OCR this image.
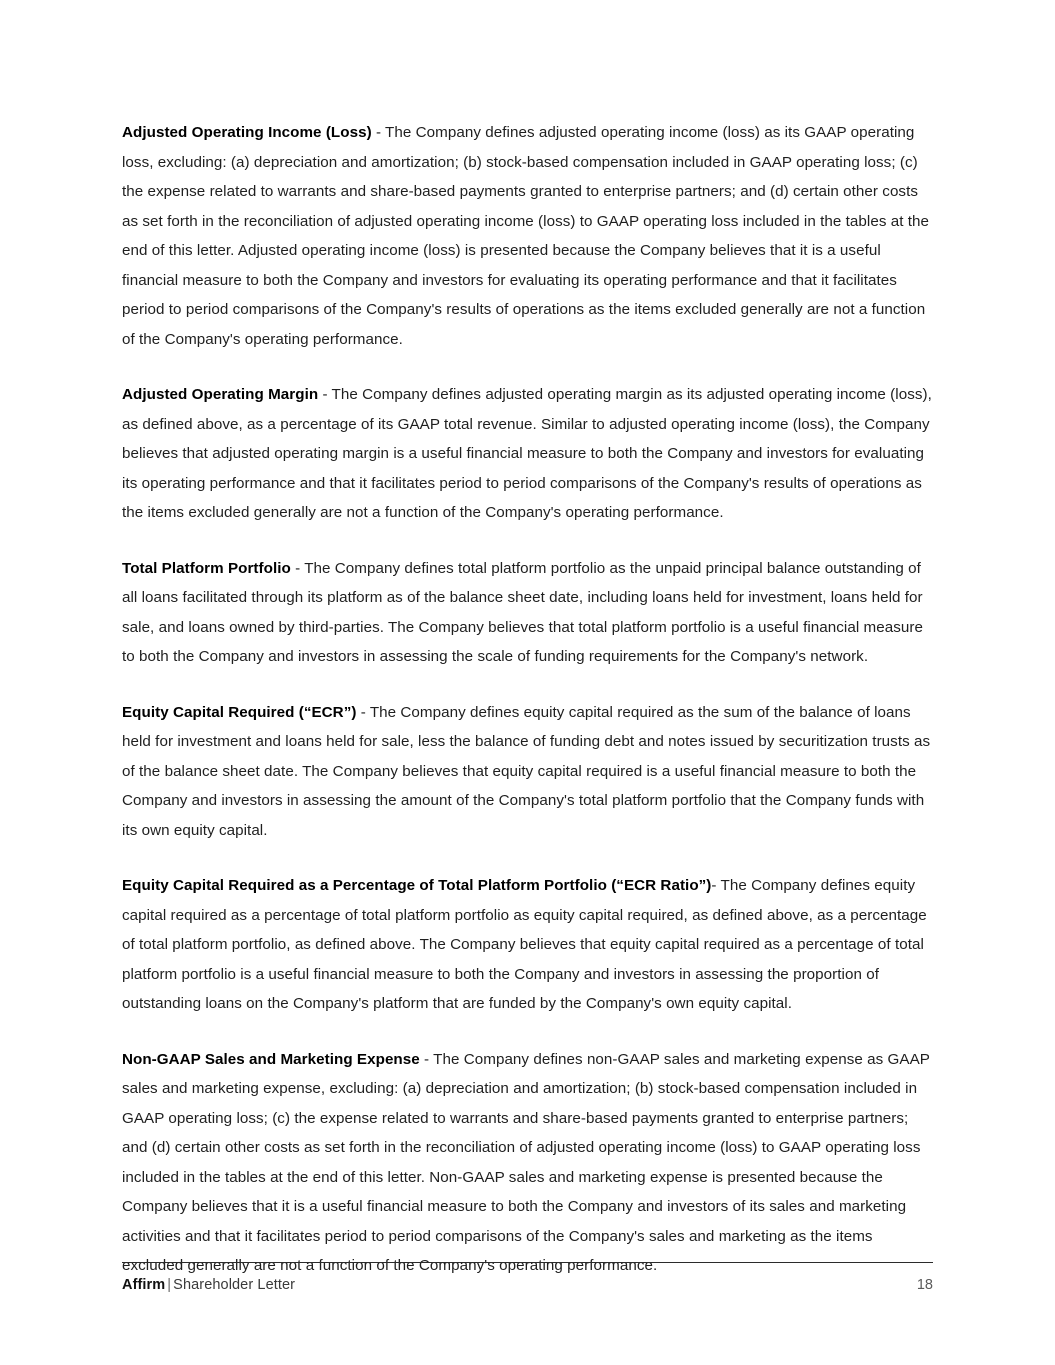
Adjusted Operating Income (Loss) - The Company defines adjusted operating income (loss) as its GAAP operating loss, excluding: (a) depreciation and amortization; (b) stock-based compensation included in GAAP operating loss; (c) the expense related to warrants and share-based payments granted to enterprise partners; and (d) certain other costs as set forth in the reconciliation of adjusted operating income (loss) to GAAP operating loss included in the tables at the end of this letter. Adjusted operating income (loss) is presented because the Company believes that it is a useful financial measure to both the Company and investors for evaluating its operating performance and that it facilitates period to period comparisons of the Company's results of operations as the items excluded generally are not a function of the Company's operating performance.

Adjusted Operating Margin - The Company defines adjusted operating margin as its adjusted operating income (loss), as defined above, as a percentage of its GAAP total revenue. Similar to adjusted operating income (loss), the Company believes that adjusted operating margin is a useful financial measure to both the Company and investors for evaluating its operating performance and that it facilitates period to period comparisons of the Company's results of operations as the items excluded generally are not a function of the Company's operating performance.

Total Platform Portfolio - The Company defines total platform portfolio as the unpaid principal balance outstanding of all loans facilitated through its platform as of the balance sheet date, including loans held for investment, loans held for sale, and loans owned by third-parties. The Company believes that total platform portfolio is a useful financial measure to both the Company and investors in assessing the scale of funding requirements for the Company's network.

Equity Capital Required (“ECR”) - The Company defines equity capital required as the sum of the balance of loans held for investment and loans held for sale, less the balance of funding debt and notes issued by securitization trusts as of the balance sheet date. The Company believes that equity capital required is a useful financial measure to both the Company and investors in assessing the amount of the Company's total platform portfolio that the Company funds with its own equity capital.

Equity Capital Required as a Percentage of Total Platform Portfolio (“ECR Ratio”)- The Company defines equity capital required as a percentage of total platform portfolio as equity capital required, as defined above, as a percentage of total platform portfolio, as defined above. The Company believes that equity capital required as a percentage of total platform portfolio is a useful financial measure to both the Company and investors in assessing the proportion of outstanding loans on the Company's platform that are funded by the Company's own equity capital.

Non-GAAP Sales and Marketing Expense - The Company defines non-GAAP sales and marketing expense as GAAP sales and marketing expense, excluding: (a) depreciation and amortization; (b) stock-based compensation included in GAAP operating loss; (c) the expense related to warrants and share-based payments granted to enterprise partners; and (d) certain other costs as set forth in the reconciliation of adjusted operating income (loss) to GAAP operating loss included in the tables at the end of this letter. Non-GAAP sales and marketing expense is presented because the Company believes that it is a useful financial measure to both the Company and investors of its sales and marketing activities and that it facilitates period to period comparisons of the Company's sales and marketing as the items excluded generally are not a function of the Company's operating performance.

Affirm | Shareholder Letter	18
